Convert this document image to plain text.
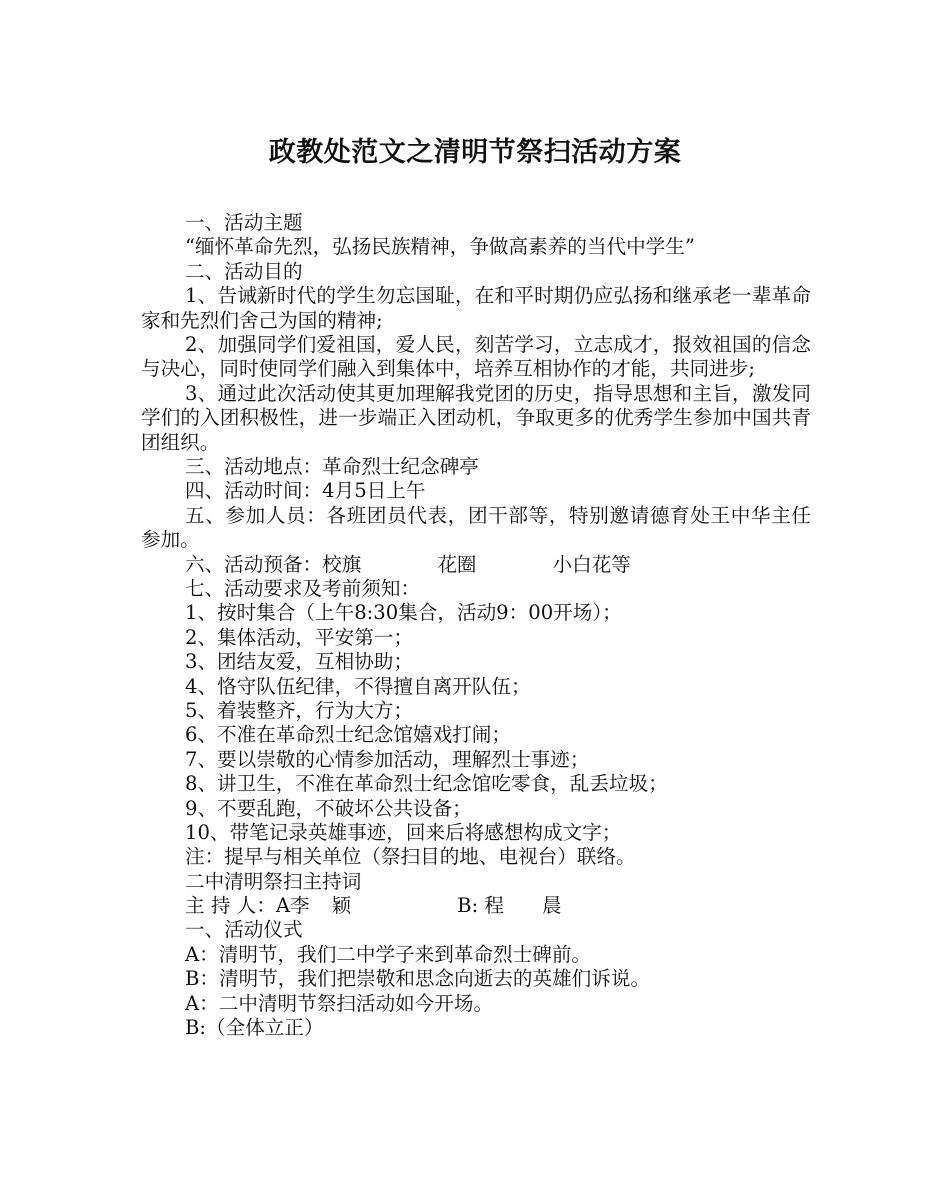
政教处范文之清明节祭扫活动方案
一、活动主题
“缅怀革命先烈，弘扬民族精神，争做高素养的当代中学生”
二、活动目的
1、告诫新时代的学生勿忘国耻，在和平时期仍应弘扬和继承老一辈革命家和先烈们舍己为国的精神;
2、加强同学们爱祖国，爱人民，刻苦学习，立志成才，报效祖国的信念与决心，同时使同学们融入到集体中，培养互相协作的才能，共同进步;
3、通过此次活动使其更加理解我党团的历史，指导思想和主旨，激发同学们的入团积极性，进一步端正入团动机，争取更多的优秀学生参加中国共青团组织。
三、活动地点：革命烈士纪念碑亭
四、活动时间：4月5日上午
五、参加人员：各班团员代表，团干部等，特别邀请德育处王中华主任参加。
六、活动预备：校旗	花圈	小白花等
七、活动要求及考前须知：
1、按时集合（上午8:30集合，活动9：00开场）；
2、集体活动，平安第一；
3、团结友爱，互相协助；
4、恪守队伍纪律，不得擅自离开队伍；
5、着装整齐，行为大方；
6、不准在革命烈士纪念馆嬉戏打闹；
7、要以崇敬的心情参加活动，理解烈士事迹；
8、讲卫生，不准在革命烈士纪念馆吃零食，乱丢垃圾；
9、不要乱跑，不破坏公共设备；
10、带笔记录英雄事迹，回来后将感想构成文字；
注：提早与相关单位（祭扫目的地、电视台）联络。
二中清明祭扫主持词
主 持 人：A李 颖	B: 程 晨
一、活动仪式
A：清明节，我们二中学子来到革命烈士碑前。
B：清明节，我们把崇敬和思念向逝去的英雄们诉说。
A：二中清明节祭扫活动如今开场。
B:（全体立正）
